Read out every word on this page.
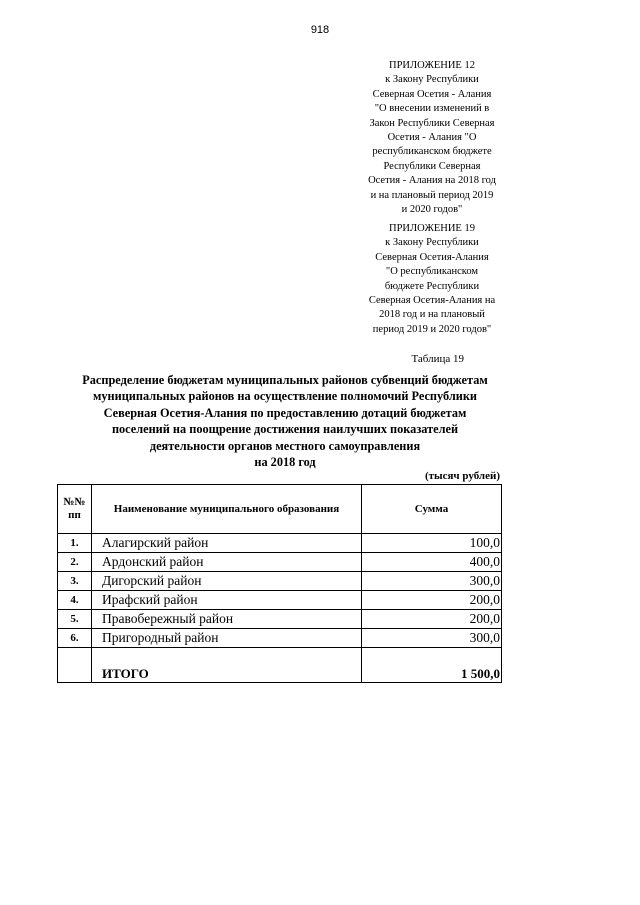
918
ПРИЛОЖЕНИЕ 12
к Закону Республики
Северная Осетия - Алания
"О внесении изменений в
Закон Республики Северная
Осетия - Алания "О
республиканском бюджете
Республики Северная
Осетия - Алания на 2018 год
и на плановый период 2019
и 2020 годов"
ПРИЛОЖЕНИЕ 19
к Закону Республики
Северная Осетия-Алания
"О республиканском
бюджете Республики
Северная Осетия-Алания на
2018 год и на плановый
период 2019 и 2020 годов"
Таблица 19
Распределение бюджетам муниципальных районов субвенций бюджетам
муниципальных районов на осуществление полномочий Республики
Северная Осетия-Алания по предоставлению дотаций бюджетам
поселений на поощрение достижения наилучших показателей
деятельности органов местного самоуправления
на 2018 год
(тысяч рублей)
№№
пп	Наименование муниципального образования	Сумма
1.	Алагирский район	100,0
2.	Ардонский район	400,0
3.	Дигорский район	300,0
4.	Ирафский район	200,0
5.	Правобережный район	200,0
6.	Пригородный район	300,0
	ИТОГО	1 500,0
